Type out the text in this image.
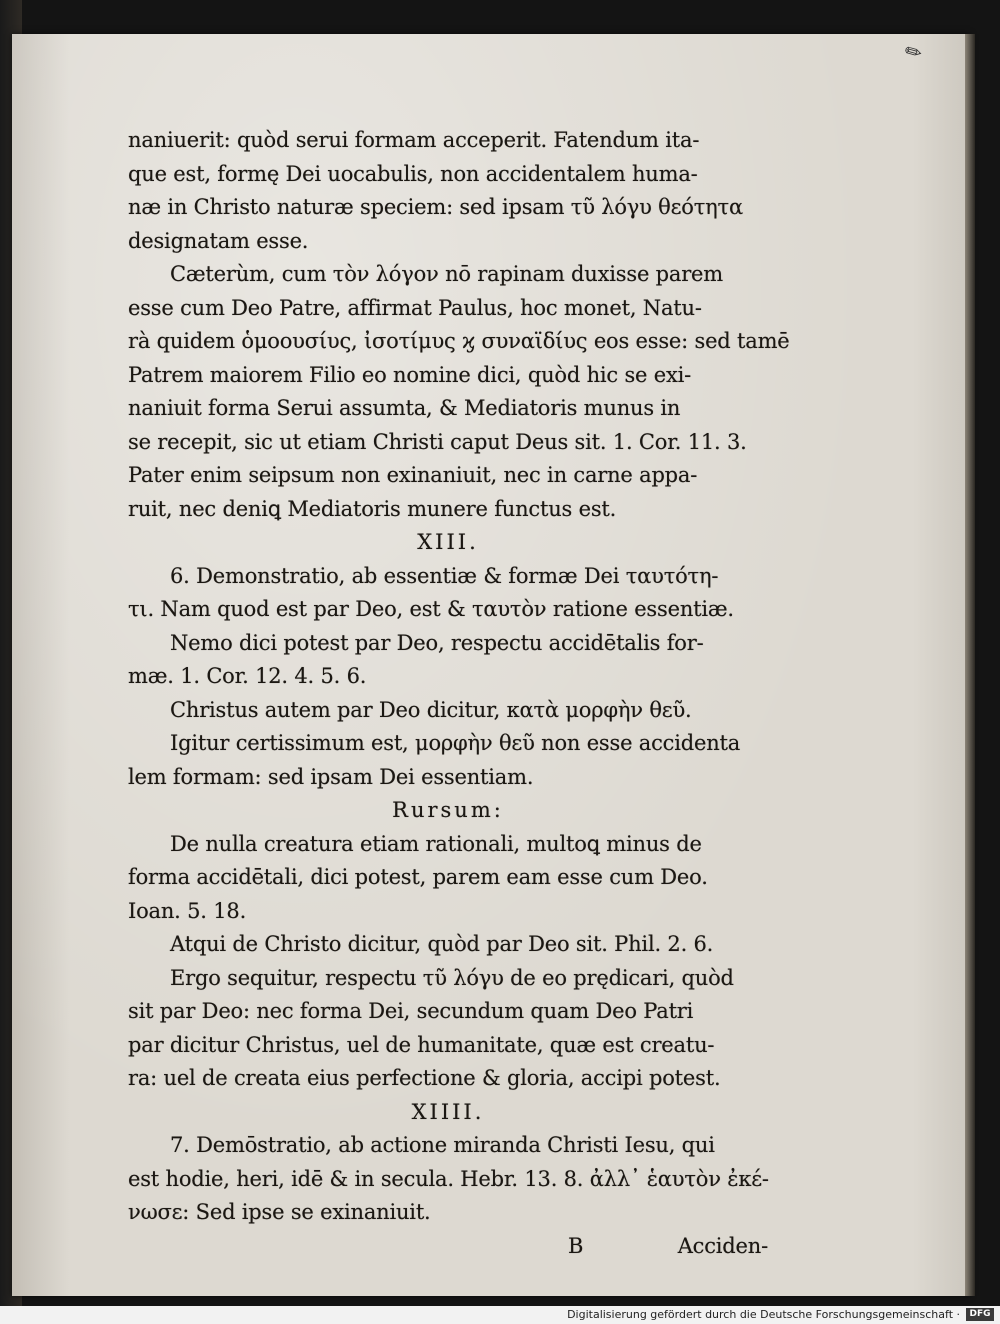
✎
naniuerit: quòd serui formam acceperit. Fatendum ita-
que est, formę Dei uocabulis, non accidentalem huma-
næ in Christo naturæ speciem: sed ipsam τῦ λόγυ θεότητα
designatam esse.
Cæterùm, cum τὸν λόγον nō rapinam duxisse parem
esse cum Deo Patre, affirmat Paulus, hoc monet, Natu-
rà quidem ὁμοουσίυς, ἰσοτίμυς ϗ συναϊδίυς eos esse: sed tamē
Patrem maiorem Filio eo nomine dici, quòd hic se exi-
naniuit forma Serui assumta, & Mediatoris munus in
se recepit, sic ut etiam Christi caput Deus sit. 1. Cor. 11. 3.
Pater enim seipsum non exinaniuit, nec in carne appa-
ruit, nec deniꝗ Mediatoris munere functus est.
XIII.
6. Demonstratio, ab essentiæ & formæ Dei ταυτότη-
τι. Nam quod est par Deo, est & ταυτὸν ratione essentiæ.
Nemo dici potest par Deo, respectu accidētalis for-
mæ. 1. Cor. 12. 4. 5. 6.
Christus autem par Deo dicitur, κατὰ μορφὴν θεῦ.
Igitur certissimum est, μορφὴν θεῦ non esse accidenta
lem formam: sed ipsam Dei essentiam.
Rursum:
De nulla creatura etiam rationali, multoꝗ minus de
forma accidētali, dici potest, parem eam esse cum Deo.
Ioan. 5. 18.
Atqui de Christo dicitur, quòd par Deo sit. Phil. 2. 6.
Ergo sequitur, respectu τῦ λόγυ de eo prędicari, quòd
sit par Deo: nec forma Dei, secundum quam Deo Patri
par dicitur Christus, uel de humanitate, quæ est creatu-
ra: uel de creata eius perfectione & gloria, accipi potest.
XIIII.
7. Demōstratio, ab actione miranda Christi Iesu, qui
est hodie, heri, idē & in secula. Hebr. 13. 8. ἀλλ᾽ ἑαυτὸν ἐκέ-
νωσε: Sed ipse se exinaniuit.
B	Acciden-
Digitalisierung gefördert durch die Deutsche Forschungsgemeinschaft ·	DFG
